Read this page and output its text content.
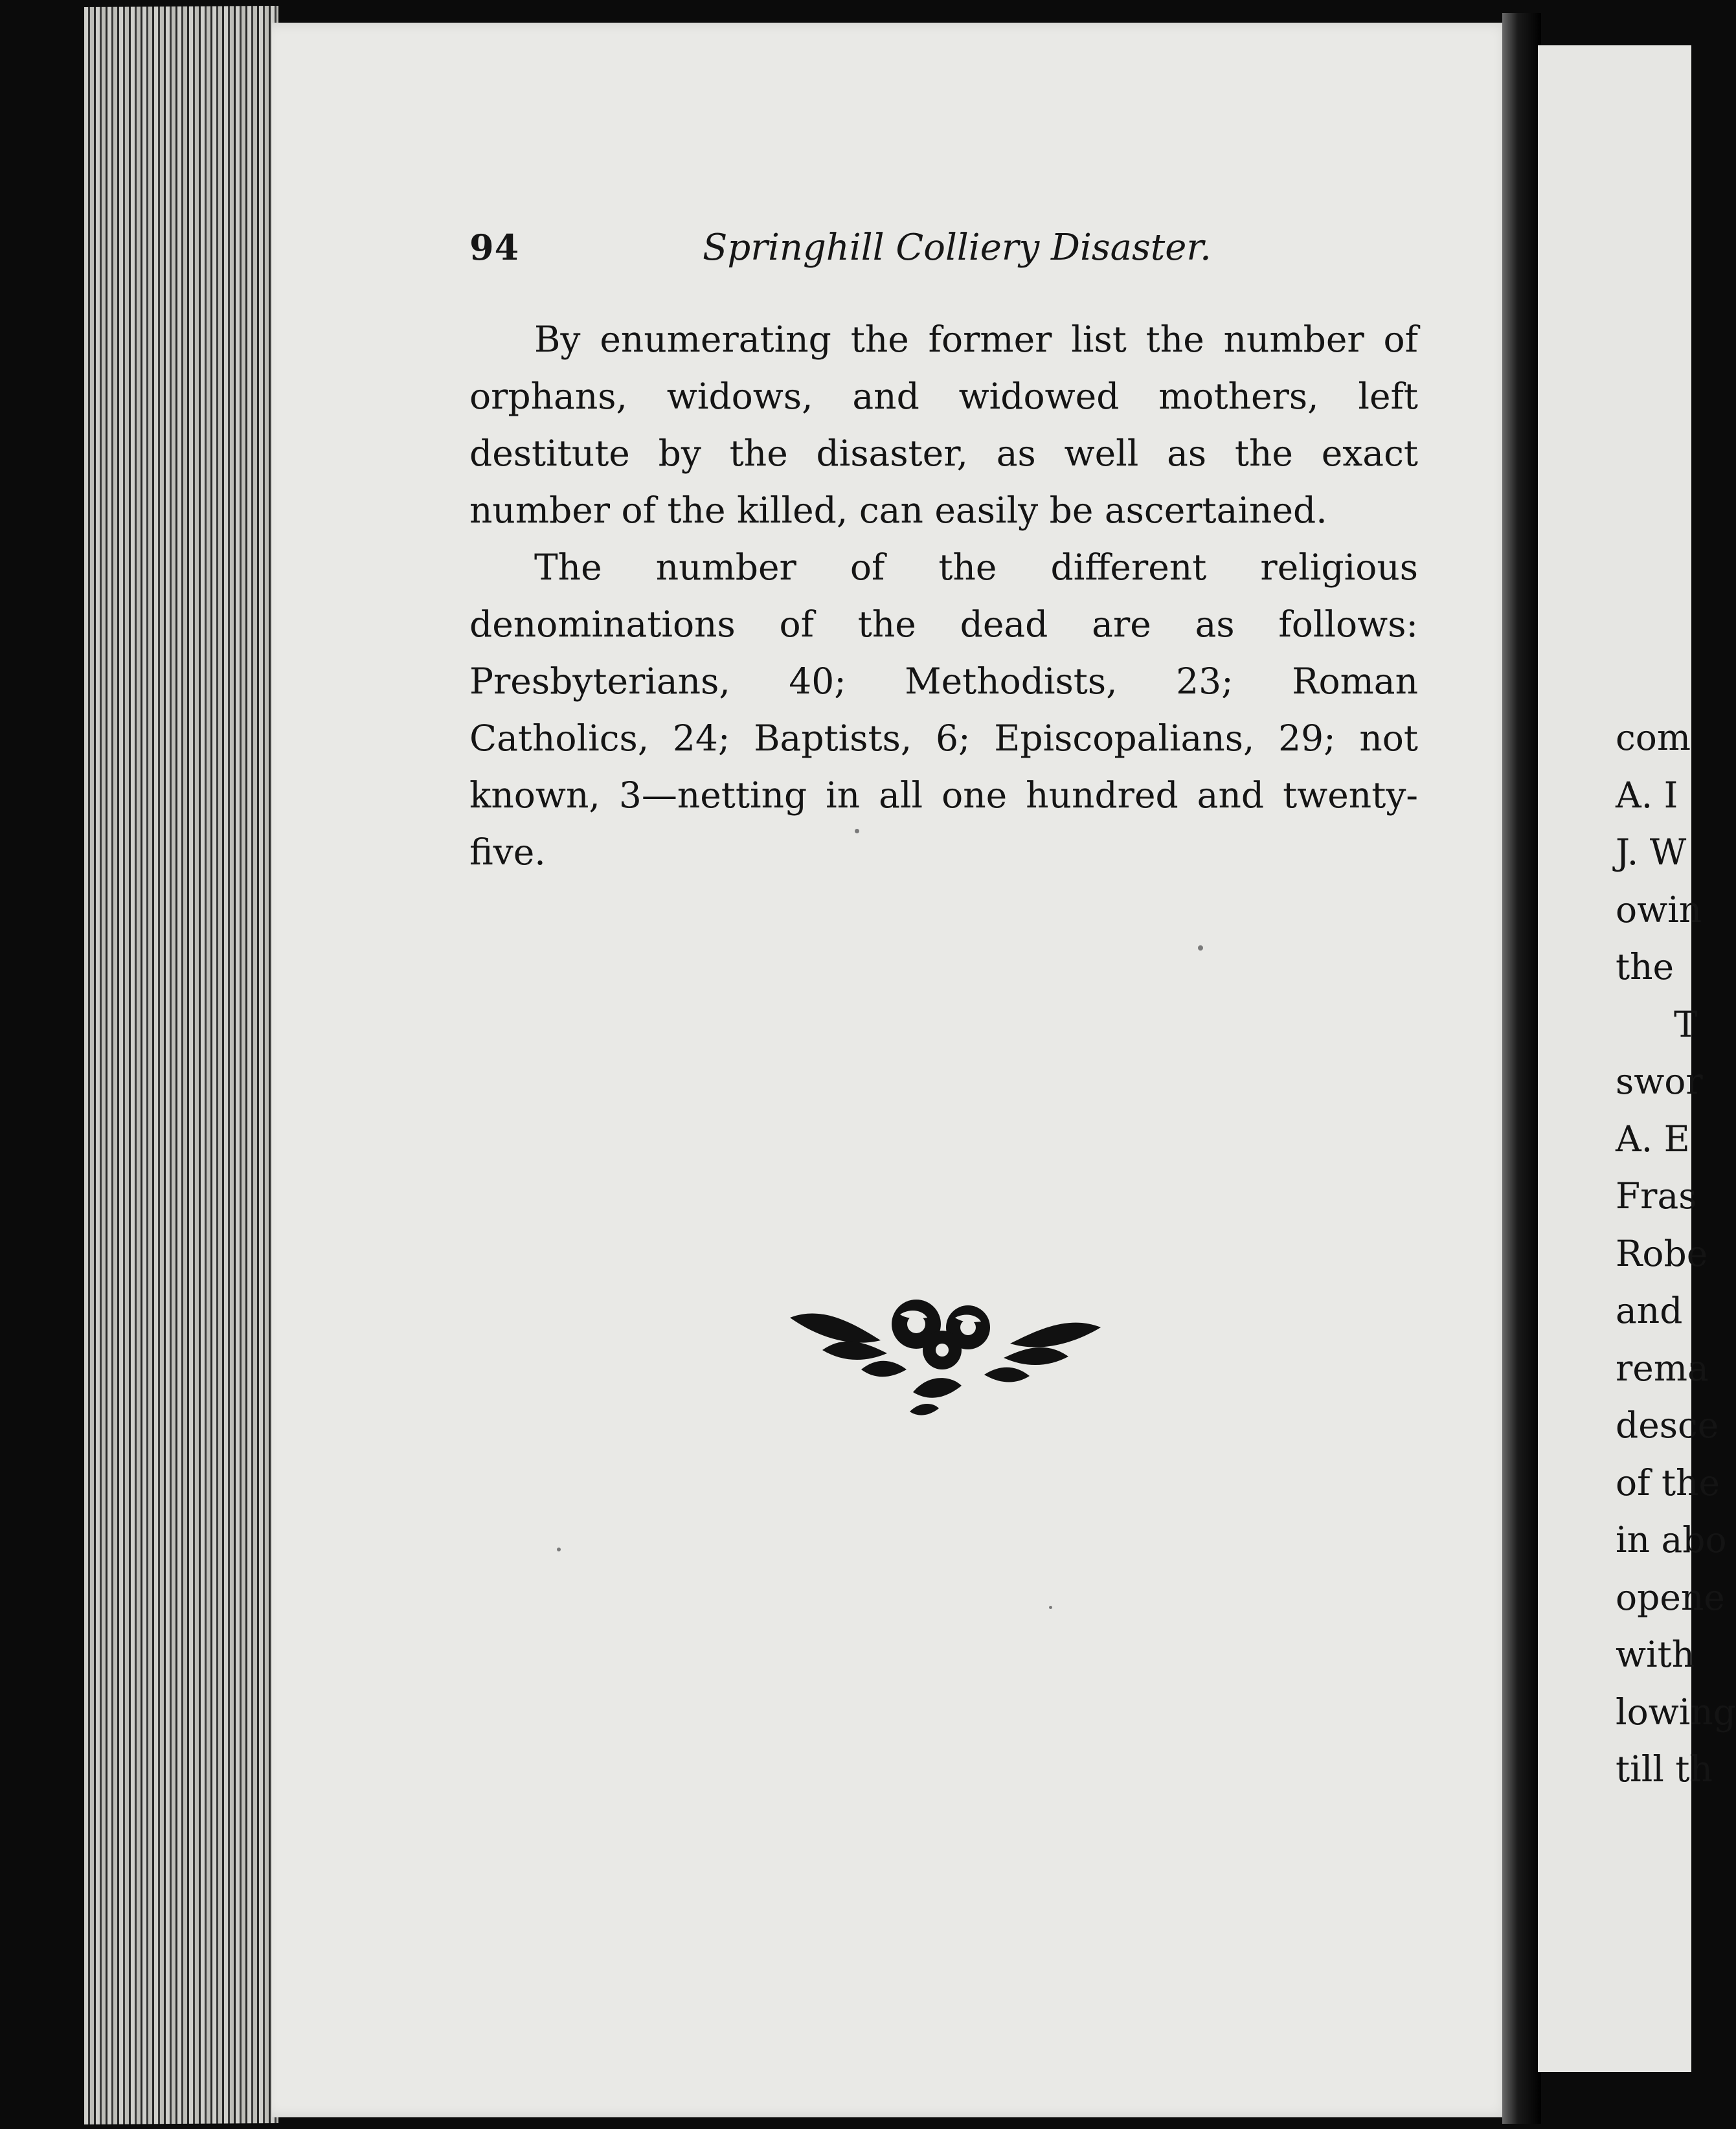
94	Springhill Colliery Disaster.

By enumerating the former list the number of orphans, widows, and widowed mothers, left destitute by the disaster, as well as the exact number of the killed, can easily be ascertained.

The number of the different religious denominations of the dead are as follows: Presbyterians, 40; Methodists, 23; Roman Catholics, 24; Baptists, 6; Episcopalians, 29; not known, 3—netting in all one hundred and twenty-five.

com
A. I
J. W
owin
the
T
swor
A. E
Fras
Robe
and
rema
desce
of the
in abo
opene
with
lowing
till th
